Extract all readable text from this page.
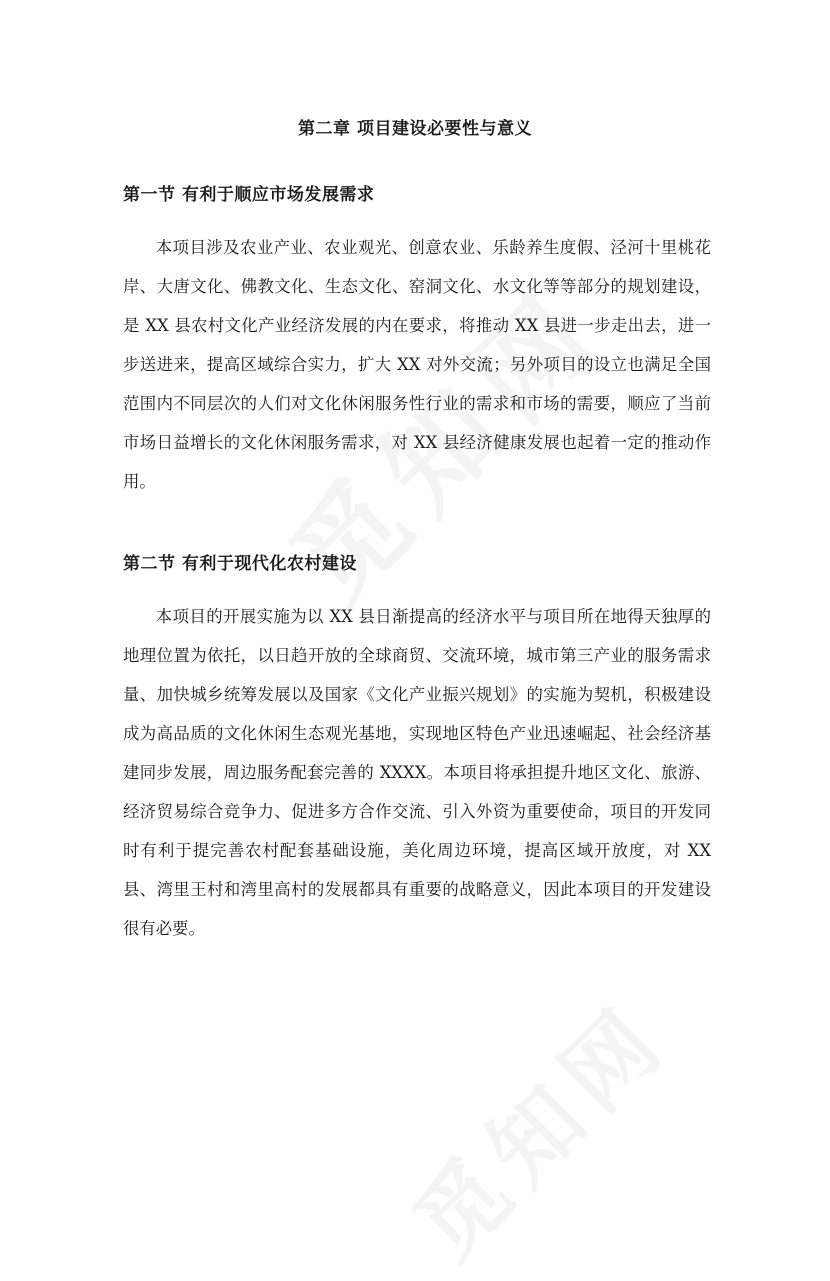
第二章 项目建设必要性与意义
第一节 有利于顺应市场发展需求

本项目涉及农业产业、农业观光、创意农业、乐龄养生度假、泾河十里桃花岸、大唐文化、佛教文化、生态文化、窑洞文化、水文化等等部分的规划建设，是 XX 县农村文化产业经济发展的内在要求，将推动 XX 县进一步走出去，进一步送进来，提高区域综合实力，扩大 XX 对外交流；另外项目的设立也满足全国范围内不同层次的人们对文化休闲服务性行业的需求和市场的需要，顺应了当前市场日益增长的文化休闲服务需求，对 XX 县经济健康发展也起着一定的推动作用。

第二节 有利于现代化农村建设

本项目的开展实施为以 XX 县日渐提高的经济水平与项目所在地得天独厚的地理位置为依托，以日趋开放的全球商贸、交流环境，城市第三产业的服务需求量、加快城乡统筹发展以及国家《文化产业振兴规划》的实施为契机，积极建设成为高品质的文化休闲生态观光基地，实现地区特色产业迅速崛起、社会经济基建同步发展，周边服务配套完善的 XXXX。本项目将承担提升地区文化、旅游、经济贸易综合竞争力、促进多方合作交流、引入外资为重要使命，项目的开发同时有利于提完善农村配套基础设施，美化周边环境，提高区域开放度，对 XX 县、湾里王村和湾里高村的发展都具有重要的战略意义，因此本项目的开发建设很有必要。
